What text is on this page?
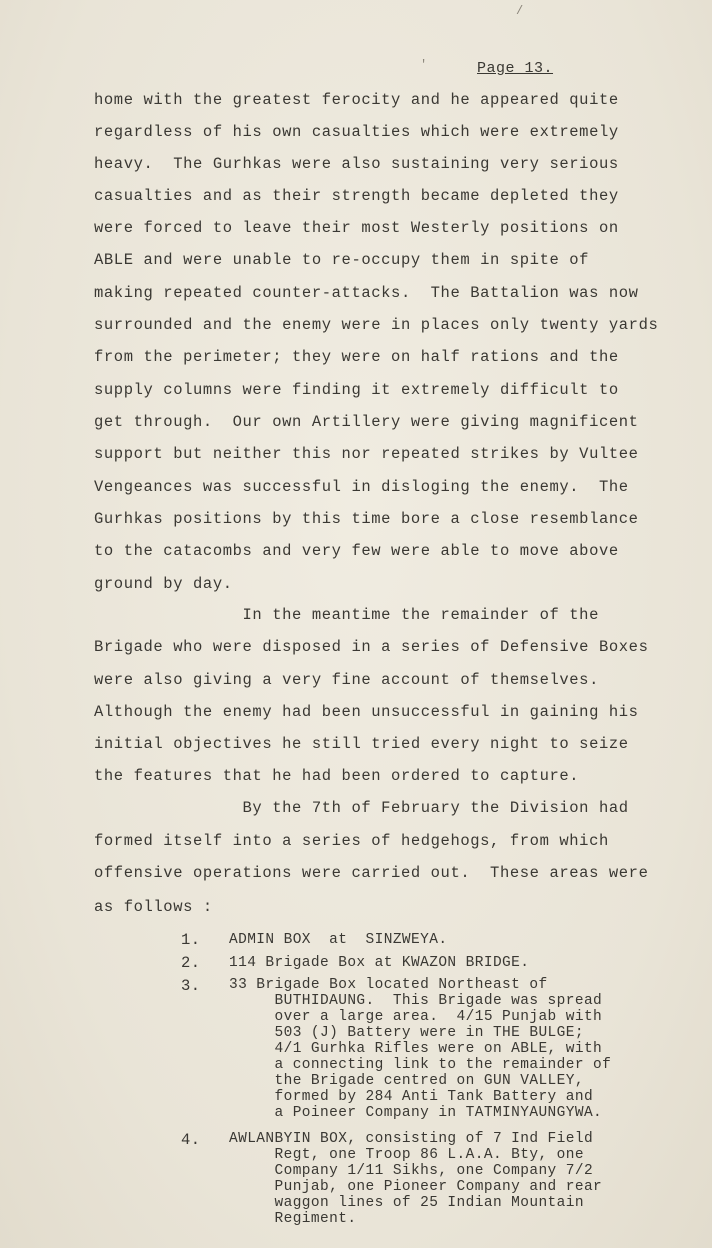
/
'	Page 13.
home with the greatest ferocity and he appeared quite
regardless of his own casualties which were extremely
heavy.  The Gurhkas were also sustaining very serious
casualties and as their strength became depleted they
were forced to leave their most Westerly positions on
ABLE and were unable to re-occupy them in spite of
making repeated counter-attacks.  The Battalion was now
surrounded and the enemy were in places only twenty yards
from the perimeter; they were on half rations and the
supply columns were finding it extremely difficult to
get through.  Our own Artillery were giving magnificent
support but neither this nor repeated strikes by Vultee
Vengeances was successful in disloging the enemy.  The
Gurhkas positions by this time bore a close resemblance
to the catacombs and very few were able to move above
ground by day.
In the meantime the remainder of the
Brigade who were disposed in a series of Defensive Boxes
were also giving a very fine account of themselves.
Although the enemy had been unsuccessful in gaining his
initial objectives he still tried every night to seize
the features that he had been ordered to capture.
By the 7th of February the Division had
formed itself into a series of hedgehogs, from which
offensive operations were carried out.  These areas were
as follows :
1. ADMIN BOX  at  SINZWEYA.
2. 114 Brigade Box at KWAZON BRIDGE.
3. 33 Brigade Box located Northeast of
BUTHIDAUNG.  This Brigade was spread
over a large area.  4/15 Punjab with
503 (J) Battery were in THE BULGE;
4/1 Gurhka Rifles were on ABLE, with
a connecting link to the remainder of
the Brigade centred on GUN VALLEY,
formed by 284 Anti Tank Battery and
a Poineer Company in TATMINYAUNGYWA.
4. AWLANBYIN BOX, consisting of 7 Ind Field
Regt, one Troop 86 L.A.A. Bty, one
Company 1/11 Sikhs, one Company 7/2
Punjab, one Pioneer Company and rear
waggon lines of 25 Indian Mountain
Regiment.
